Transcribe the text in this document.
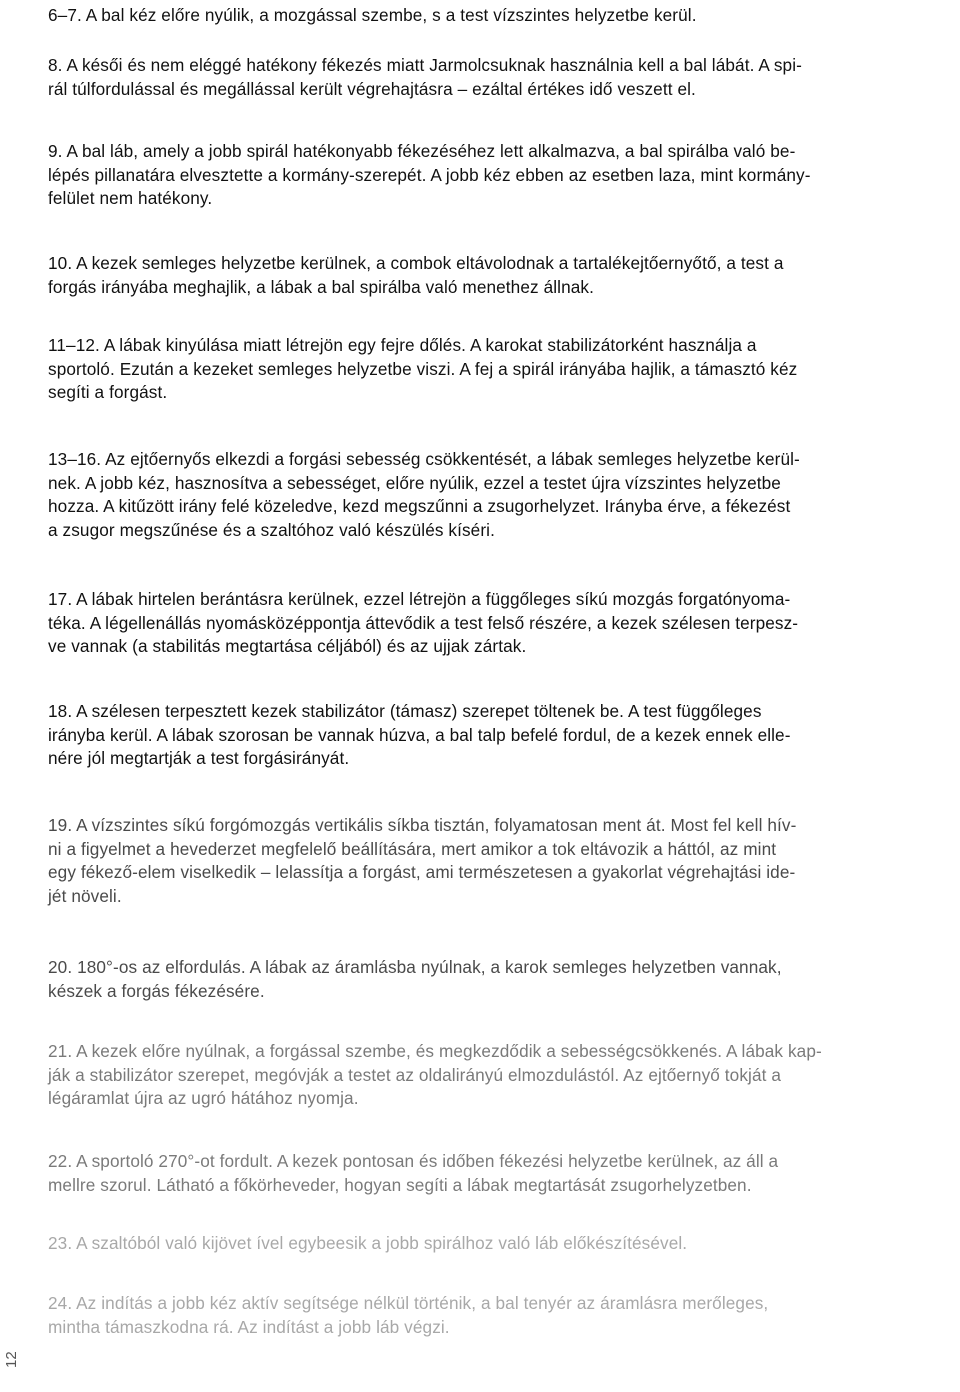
6–7. A bal kéz előre nyúlik, a mozgással szembe, s a test vízszintes helyzetbe kerül.

8. A késői és nem eléggé hatékony fékezés miatt Jarmolcsuknak használnia kell a bal lábát. A spi-
rál túlfordulással és megállással került végrehajtásra – ezáltal értékes idő veszett el.

9. A bal láb, amely a jobb spirál hatékonyabb fékezéséhez lett alkalmazva, a bal spirálba való be-
lépés pillanatára elvesztette a kormány-szerepét. A jobb kéz ebben az esetben laza, mint kormány-
felület nem hatékony.

10. A kezek semleges helyzetbe kerülnek, a combok eltávolodnak a tartalékejtőernyőtő, a test a
forgás irányába meghajlik, a lábak a bal spirálba való menethez állnak.

11–12. A lábak kinyúlása miatt létrejön egy fejre dőlés. A karokat stabilizátorként használja a
sportoló. Ezután a kezeket semleges helyzetbe viszi. A fej a spirál irányába hajlik, a támasztó kéz
segíti a forgást.

13–16. Az ejtőernyős elkezdi a forgási sebesség csökkentését, a lábak semleges helyzetbe kerül-
nek. A jobb kéz, hasznosítva a sebességet, előre nyúlik, ezzel a testet újra vízszintes helyzetbe
hozza. A kitűzött irány felé közeledve, kezd megszűnni a zsugorhelyzet. Irányba érve, a fékezést
a zsugor megszűnése és a szaltóhoz való készülés kíséri.

17. A lábak hirtelen berántásra kerülnek, ezzel létrejön a függőleges síkú mozgás forgatónyoma-
téka. A légellenállás nyomásközéppontja áttevődik a test felső részére, a kezek szélesen terpesz-
ve vannak (a stabilitás megtartása céljából) és az ujjak zártak.

18. A szélesen terpesztett kezek stabilizátor (támasz) szerepet töltenek be. A test függőleges
irányba kerül. A lábak szorosan be vannak húzva, a bal talp befelé fordul, de a kezek ennek elle-
nére jól megtartják a test forgásirányát.

19. A vízszintes síkú forgómozgás vertikális síkba tisztán, folyamatosan ment át. Most fel kell hív-
ni a figyelmet a hevederzet megfelelő beállítására, mert amikor a tok eltávozik a háttól, az mint
egy fékező-elem viselkedik – lelassítja a forgást, ami természetesen a gyakorlat végrehajtási ide-
jét növeli.

20. 180°-os az elfordulás. A lábak az áramlásba nyúlnak, a karok semleges helyzetben vannak,
készek a forgás fékezésére.

21. A kezek előre nyúlnak, a forgással szembe, és megkezdődik a sebességcsökkenés. A lábak kap-
ják a stabilizátor szerepet, megóvják a testet az oldalirányú elmozdulástól. Az ejtőernyő tokját a
légáramlat újra az ugró hátához nyomja.

22. A sportoló 270°-ot fordult. A kezek pontosan és időben fékezési helyzetbe kerülnek, az áll a
mellre szorul. Látható a főkörheveder, hogyan segíti a lábak megtartását zsugorhelyzetben.

23. A szaltóból való kijövet ível egybeesik a jobb spirálhoz való láb előkészítésével.

24. Az indítás a jobb kéz aktív segítsége nélkül történik, a bal tenyér az áramlásra merőleges,
mintha támaszkodna rá. Az indítást a jobb láb végzi.

12
